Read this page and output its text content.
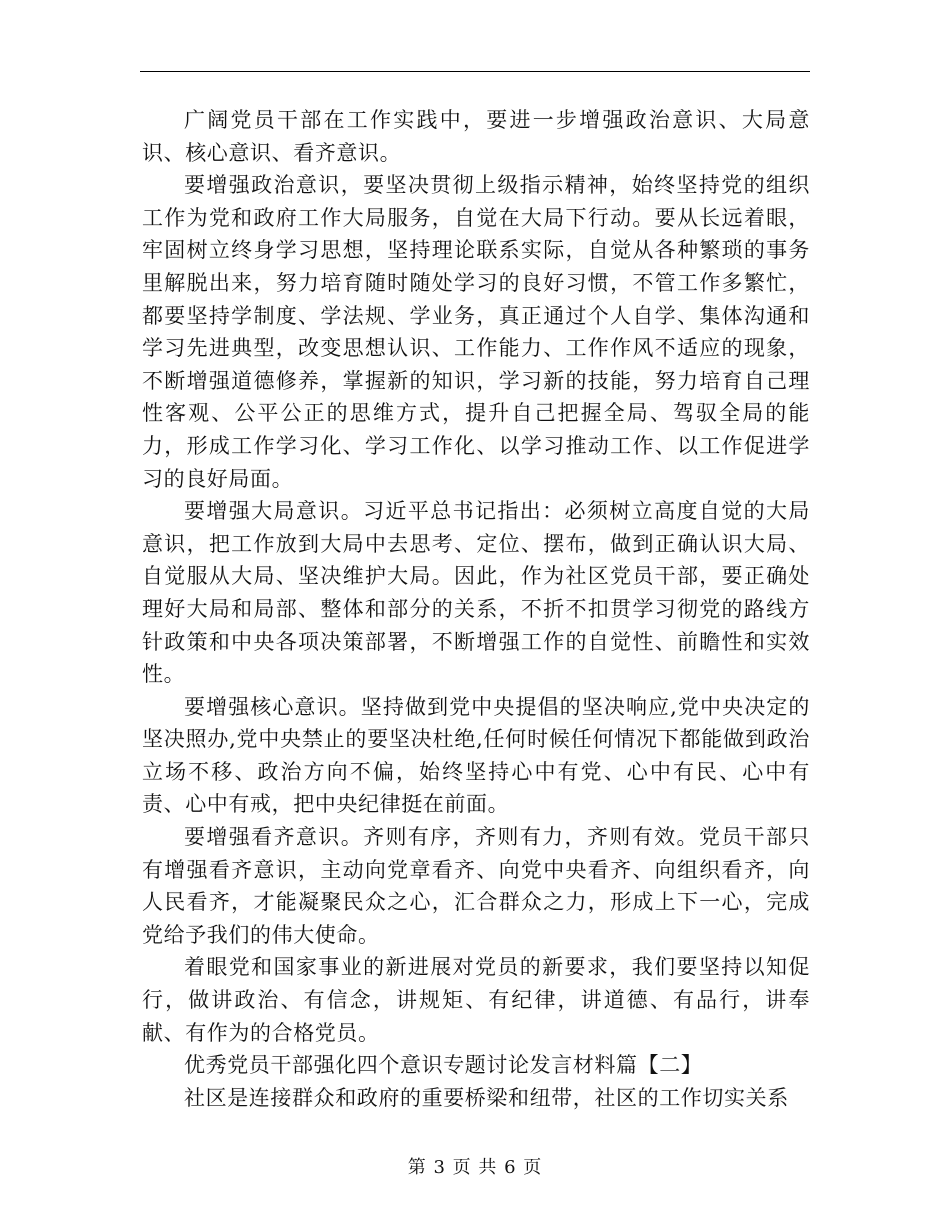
广阔党员干部在工作实践中，要进一步增强政治意识、大局意识、核心意识、看齐意识。

要增强政治意识，要坚决贯彻上级指示精神，始终坚持党的组织工作为党和政府工作大局服务，自觉在大局下行动。要从长远着眼，牢固树立终身学习思想，坚持理论联系实际，自觉从各种繁琐的事务里解脱出来，努力培育随时随处学习的良好习惯，不管工作多繁忙，都要坚持学制度、学法规、学业务，真正通过个人自学、集体沟通和学习先进典型，改变思想认识、工作能力、工作作风不适应的现象，不断增强道德修养，掌握新的知识，学习新的技能，努力培育自己理性客观、公平公正的思维方式，提升自己把握全局、驾驭全局的能力，形成工作学习化、学习工作化、以学习推动工作、以工作促进学习的良好局面。

要增强大局意识。习近平总书记指出：必须树立高度自觉的大局意识，把工作放到大局中去思考、定位、摆布，做到正确认识大局、自觉服从大局、坚决维护大局。因此，作为社区党员干部，要正确处理好大局和局部、整体和部分的关系，不折不扣贯学习彻党的路线方针政策和中央各项决策部署，不断增强工作的自觉性、前瞻性和实效性。

要增强核心意识。坚持做到党中央提倡的坚决响应,党中央决定的坚决照办,党中央禁止的要坚决杜绝,任何时候任何情况下都能做到政治立场不移、政治方向不偏，始终坚持心中有党、心中有民、心中有责、心中有戒，把中央纪律挺在前面。

要增强看齐意识。齐则有序，齐则有力，齐则有效。党员干部只有增强看齐意识，主动向党章看齐、向党中央看齐、向组织看齐，向人民看齐，才能凝聚民众之心，汇合群众之力，形成上下一心，完成党给予我们的伟大使命。

着眼党和国家事业的新进展对党员的新要求，我们要坚持以知促行，做讲政治、有信念，讲规矩、有纪律，讲道德、有品行，讲奉献、有作为的合格党员。

优秀党员干部强化四个意识专题讨论发言材料篇【二】

社区是连接群众和政府的重要桥梁和纽带，社区的工作切实关系

第 3 页 共 6 页
